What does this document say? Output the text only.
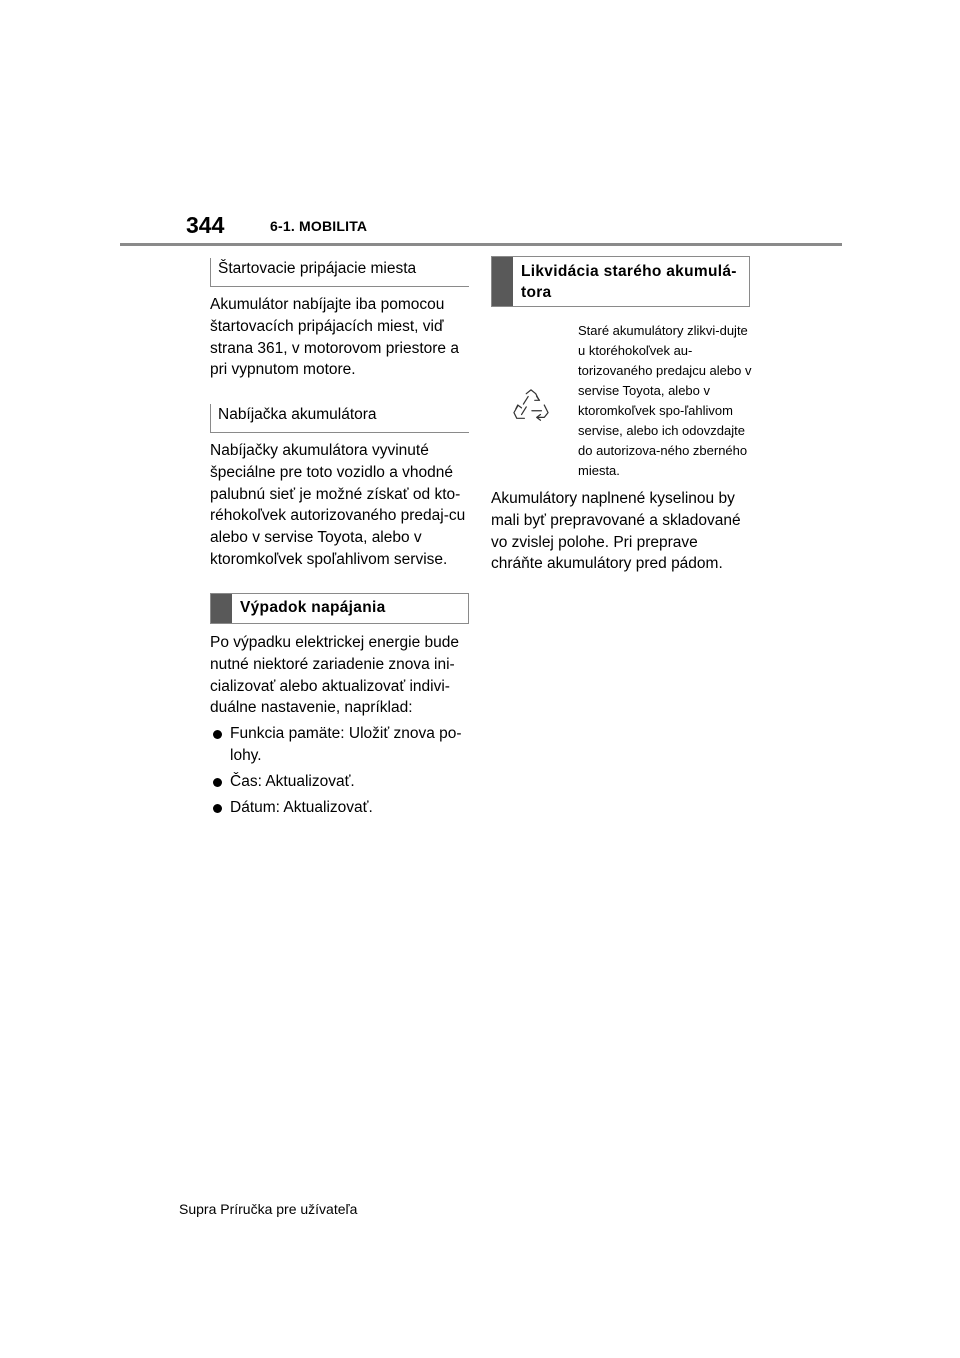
344	6-1. MOBILITA
Štartovacie pripájacie miesta
Akumulátor nabíjajte iba pomocou štartovacích pripájacích miest, viď strana 361, v motorovom priestore a pri vypnutom motore.
Nabíjačka akumulátora
Nabíjačky akumulátora vyvinuté špeciálne pre toto vozidlo a vhodné palubnú sieť je možné získať od kto-réhokoľvek autorizovaného predaj-cu alebo v servise Toyota, alebo v ktoromkoľvek spoľahlivom servise.
Výpadok napájania
Po výpadku elektrickej energie bude nutné niektoré zariadenie znova ini-cializovať alebo aktualizovať indivi-duálne nastavenie, napríklad:
Funkcia pamäte: Uložiť znova po-lohy.
Čas: Aktualizovať.
Dátum: Aktualizovať.
Likvidácia starého akumulá-tora
Staré akumulátory zlikvi-dujte u ktoréhokoľvek au-torizovaného predajcu alebo v servise Toyota, alebo v ktoromkoľvek spo-ľahlivom servise, alebo ich odovzdajte do autorizova-ného zberného miesta.
Akumulátory naplnené kyselinou by mali byť prepravované a skladované vo zvislej polohe. Pri preprave chráňte akumulátory pred pádom.
Supra Príručka pre užívateľa
